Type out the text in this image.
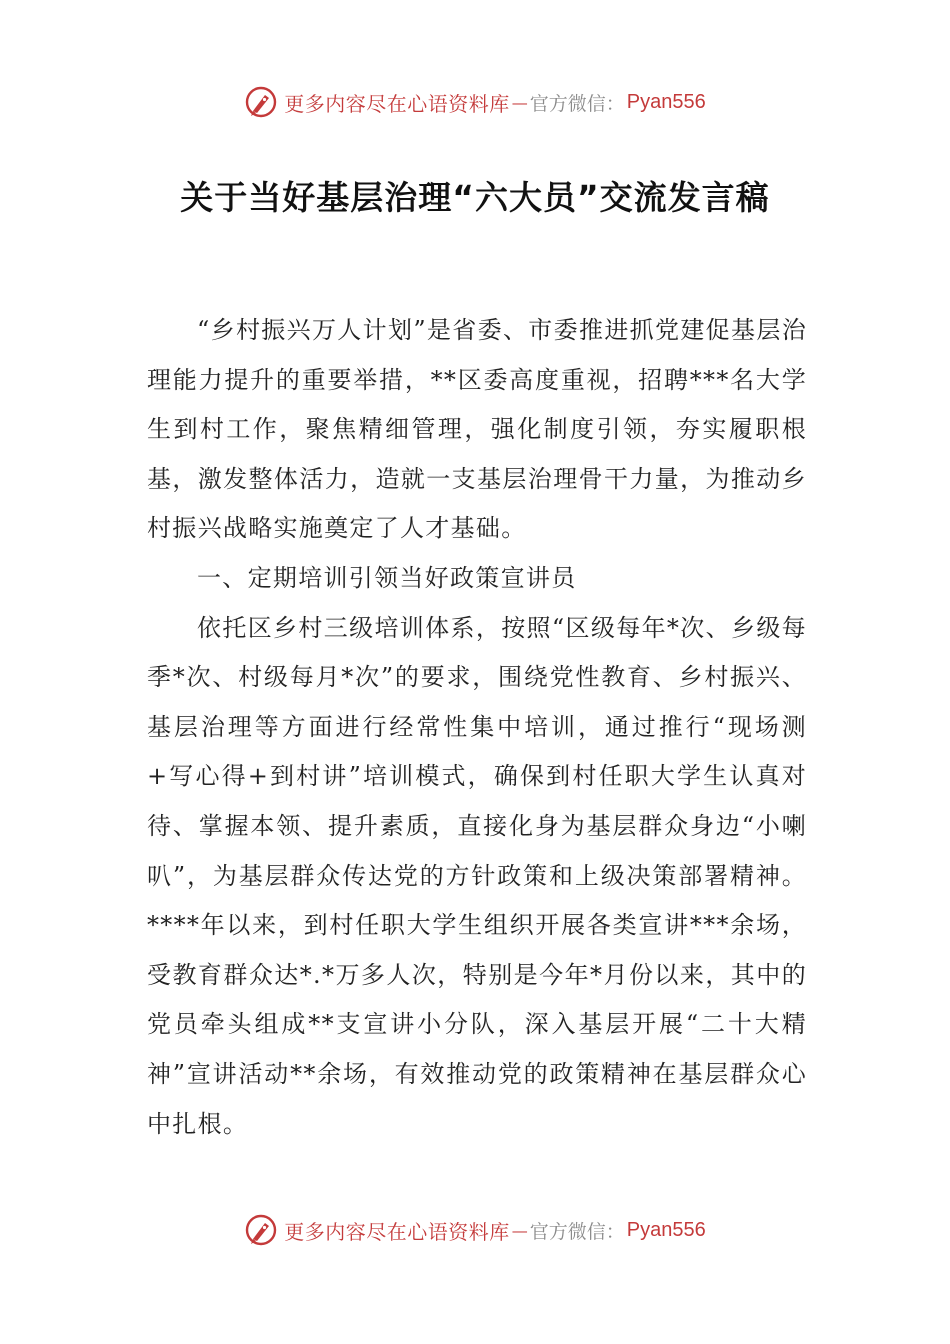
更多内容尽在心语资料库 — 官方微信： Pyan556
关于当好基层治理“六大员”交流发言稿

“乡村振兴万人计划”是省委、市委推进抓党建促基层治理能力提升的重要举措，**区委高度重视，招聘***名大学生到村工作，聚焦精细管理，强化制度引领，夯实履职根基，激发整体活力，造就一支基层治理骨干力量，为推动乡村振兴战略实施奠定了人才基础。

一、定期培训引领当好政策宣讲员

依托区乡村三级培训体系，按照“区级每年*次、乡级每季*次、村级每月*次”的要求，围绕党性教育、乡村振兴、基层治理等方面进行经常性集中培训，通过推行“现场测+写心得+到村讲”培训模式，确保到村任职大学生认真对待、掌握本领、提升素质，直接化身为基层群众身边“小喇叭”，为基层群众传达党的方针政策和上级决策部署精神。****年以来，到村任职大学生组织开展各类宣讲***余场，受教育群众达*.*万多人次，特别是今年*月份以来，其中的党员牵头组成**支宣讲小分队，深入基层开展“二十大精神”宣讲活动**余场，有效推动党的政策精神在基层群众心中扎根。

更多内容尽在心语资料库 — 官方微信： Pyan556
